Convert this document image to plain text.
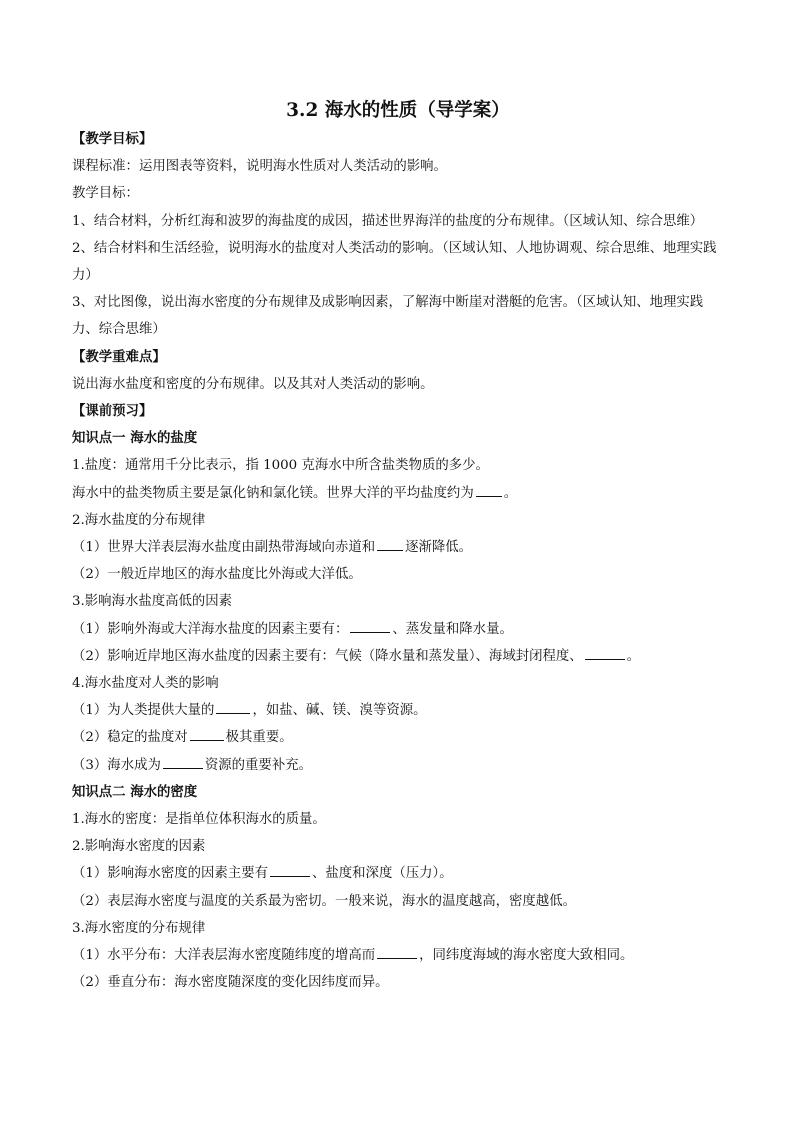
3.2 海水的性质（导学案）

【教学目标】

课程标准：运用图表等资料，说明海水性质对人类活动的影响。

教学目标：

1、结合材料，分析红海和波罗的海盐度的成因，描述世界海洋的盐度的分布规律。（区域认知、综合思维）

2、结合材料和生活经验，说明海水的盐度对人类活动的影响。（区域认知、人地协调观、综合思维、地理实践力）

3、对比图像，说出海水密度的分布规律及成影响因素，了解海中断崖对潜艇的危害。（区域认知、地理实践力、综合思维）

【教学重难点】

说出海水盐度和密度的分布规律。以及其对人类活动的影响。

【课前预习】

知识点一 海水的盐度

1.盐度：通常用千分比表示，指 1000 克海水中所含盐类物质的多少。

海水中的盐类物质主要是氯化钠和氯化镁。世界大洋的平均盐度约为 。

2.海水盐度的分布规律

（1）世界大洋表层海水盐度由副热带海域向赤道和 逐渐降低。

（2）一般近岸地区的海水盐度比外海或大洋低。

3.影响海水盐度高低的因素

（1）影响外海或大洋海水盐度的因素主要有：	、蒸发量和降水量。

（2）影响近岸地区海水盐度的因素主要有：气候（降水量和蒸发量）、海域封闭程度、	。

4.海水盐度对人类的影响

（1）为人类提供大量的	，如盐、碱、镁、溴等资源。

（2）稳定的盐度对	极其重要。

（3）海水成为	资源的重要补充。

知识点二 海水的密度

1.海水的密度：是指单位体积海水的质量。

2.影响海水密度的因素

（1）影响海水密度的因素主要有	、盐度和深度（压力）。

（2）表层海水密度与温度的关系最为密切。一般来说，海水的温度越高，密度越低。

3.海水密度的分布规律

（1）水平分布：大洋表层海水密度随纬度的增高而	，同纬度海域的海水密度大致相同。

（2）垂直分布：海水密度随深度的变化因纬度而异。
